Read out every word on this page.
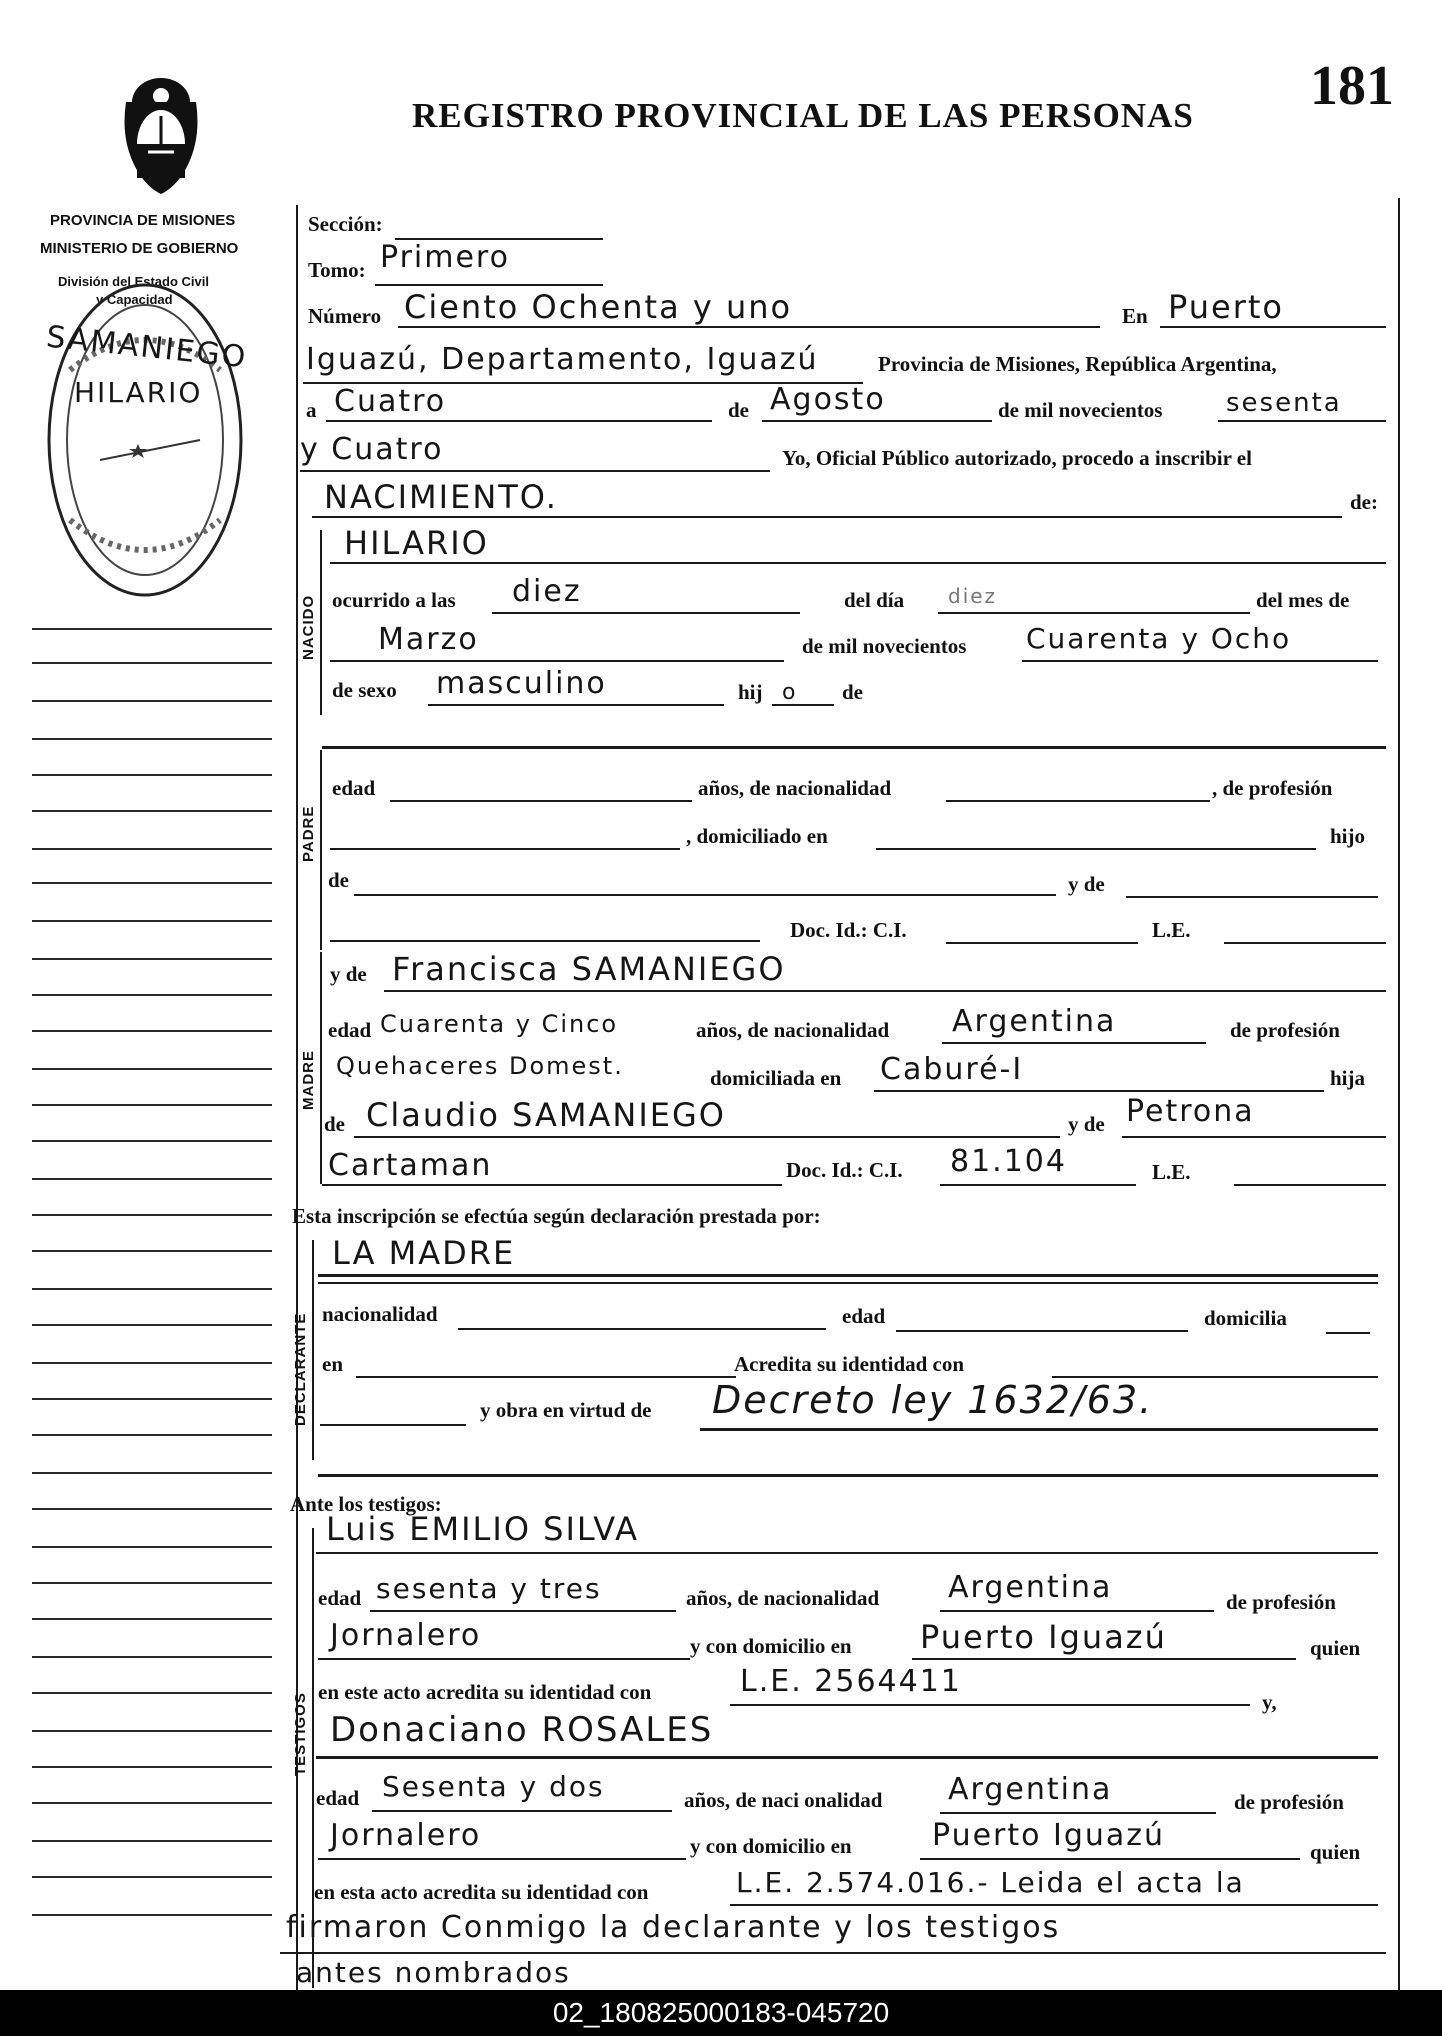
REGISTRO PROVINCIAL DE LAS PERSONAS 181
PROVINCIA DE MISIONES
MINISTERIO DE GOBIERNO
División del Estado Civil
y Capacidad
SAMANIEGO
HILARIO
NACIDO
PADRE
MADRE
DECLARANTE
TESTIGOS
Sección:
Tomo: Primero
Número Ciento Ochenta y uno	En Puerto
Iguazú, Departamento, Iguazú	Provincia de Misiones, República Argentina,
a Cuatro	de Agosto	de mil novecientos sesenta
y Cuatro	Yo, Oficial Público autorizado, procedo a inscribir el
NACIMIENTO.	de:
HILARIO
ocurrido a las diez	del día diez	del mes de
Marzo	de mil novecientos Cuarenta y Ocho
de sexo masculino	hij o de
edad	años, de nacionalidad	, de profesión
, domiciliado en	hijo
de	y de
Doc. Id.: C.I.	L.E.
y de Francisca SAMANIEGO
edad Cuarenta y Cinco	años, de nacionalidad Argentina	de profesión
Quehaceres Domest.	domiciliada en Caburé-I	hija
de Claudio SAMANIEGO	y de Petrona
Cartaman	Doc. Id.: C.I. 81.104	L.E.
Esta inscripción se efectúa según declaración prestada por:
LA MADRE
nacionalidad	edad	domicilia
en	Acredita su identidad con
y obra en virtud de Decreto ley 1632/63.
Ante los testigos:
Luis EMILIO SILVA
edad sesenta y tres	años, de nacionalidad Argentina	de profesión
Jornalero	y con domicilio en Puerto Iguazú	quien
en este acto acredita su identidad con	L.E. 2564411
y,
Donaciano ROSALES
edad Sesenta y dos	años, de naci onalidad Argentina	de profesión
Jornalero	y con domicilio en	Puerto Iguazú	quien
en esta acto acredita su identidad con	L.E. 2.574.016.- Leida el acta la
firmaron Conmigo la declarante y los testigos
antes nombrados
02_180825000183-045720
